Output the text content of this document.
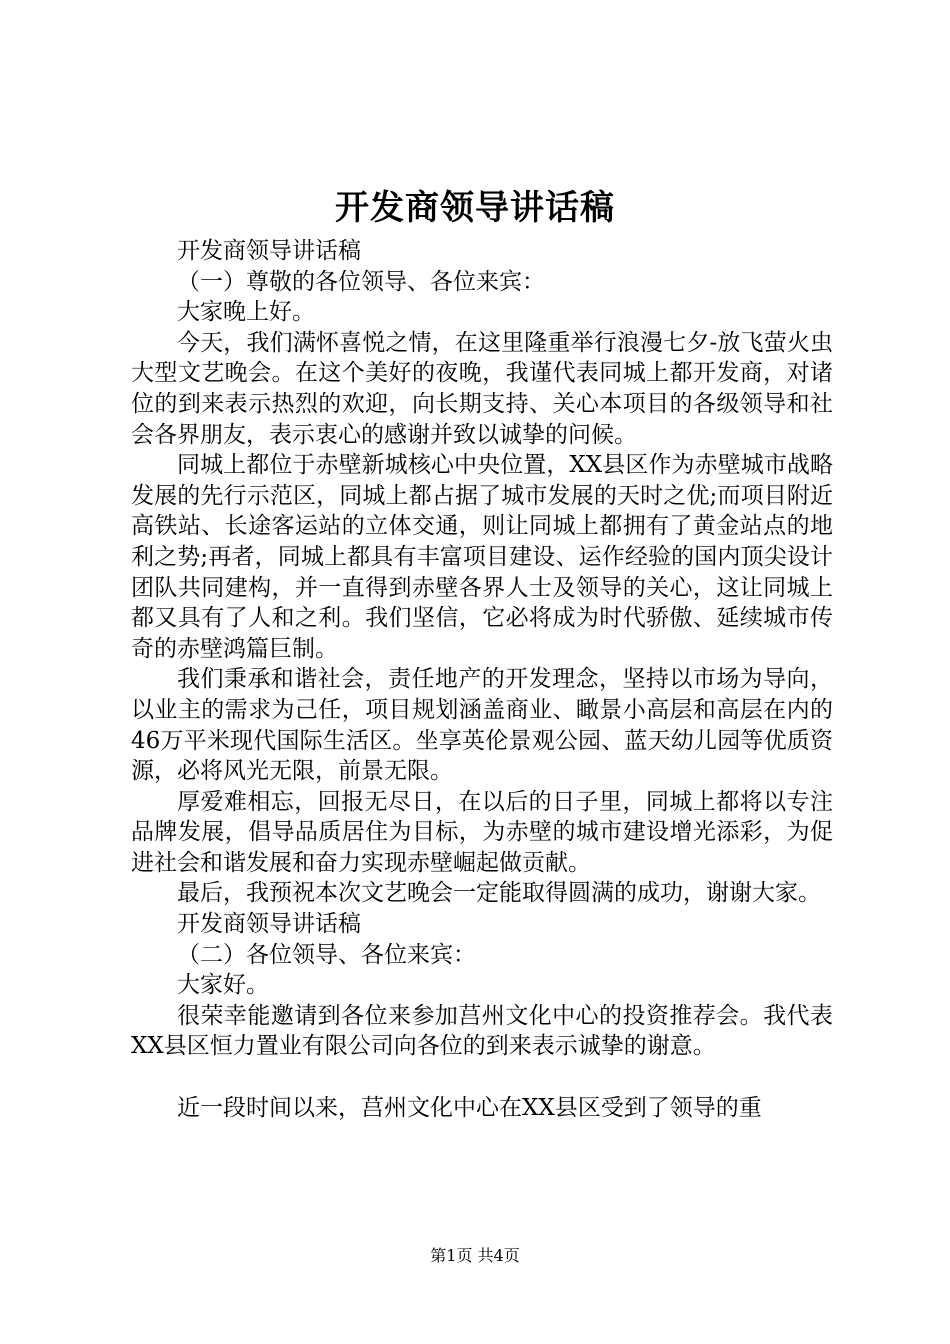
开发商领导讲话稿

开发商领导讲话稿

（一）尊敬的各位领导、各位来宾：

大家晚上好。

今天，我们满怀喜悦之情，在这里隆重举行浪漫七夕-放飞萤火虫大型文艺晚会。在这个美好的夜晚，我谨代表同城上都开发商，对诸位的到来表示热烈的欢迎，向长期支持、关心本项目的各级领导和社会各界朋友，表示衷心的感谢并致以诚挚的问候。

同城上都位于赤壁新城核心中央位置，XX县区作为赤壁城市战略发展的先行示范区，同城上都占据了城市发展的天时之优;而项目附近高铁站、长途客运站的立体交通，则让同城上都拥有了黄金站点的地利之势;再者，同城上都具有丰富项目建设、运作经验的国内顶尖设计团队共同建构，并一直得到赤壁各界人士及领导的关心，这让同城上都又具有了人和之利。我们坚信，它必将成为时代骄傲、延续城市传奇的赤壁鸿篇巨制。

我们秉承和谐社会，责任地产的开发理念，坚持以市场为导向，以业主的需求为己任，项目规划涵盖商业、瞰景小高层和高层在内的46万平米现代国际生活区。坐享英伦景观公园、蓝天幼儿园等优质资源，必将风光无限，前景无限。

厚爱难相忘，回报无尽日，在以后的日子里，同城上都将以专注品牌发展，倡导品质居住为目标，为赤壁的城市建设增光添彩，为促进社会和谐发展和奋力实现赤壁崛起做贡献。

最后，我预祝本次文艺晚会一定能取得圆满的成功，谢谢大家。

开发商领导讲话稿

（二）各位领导、各位来宾：

大家好。

很荣幸能邀请到各位来参加莒州文化中心的投资推荐会。我代表XX县区恒力置业有限公司向各位的到来表示诚挚的谢意。

近一段时间以来，莒州文化中心在XX县区受到了领导的重

第1页 共4页
